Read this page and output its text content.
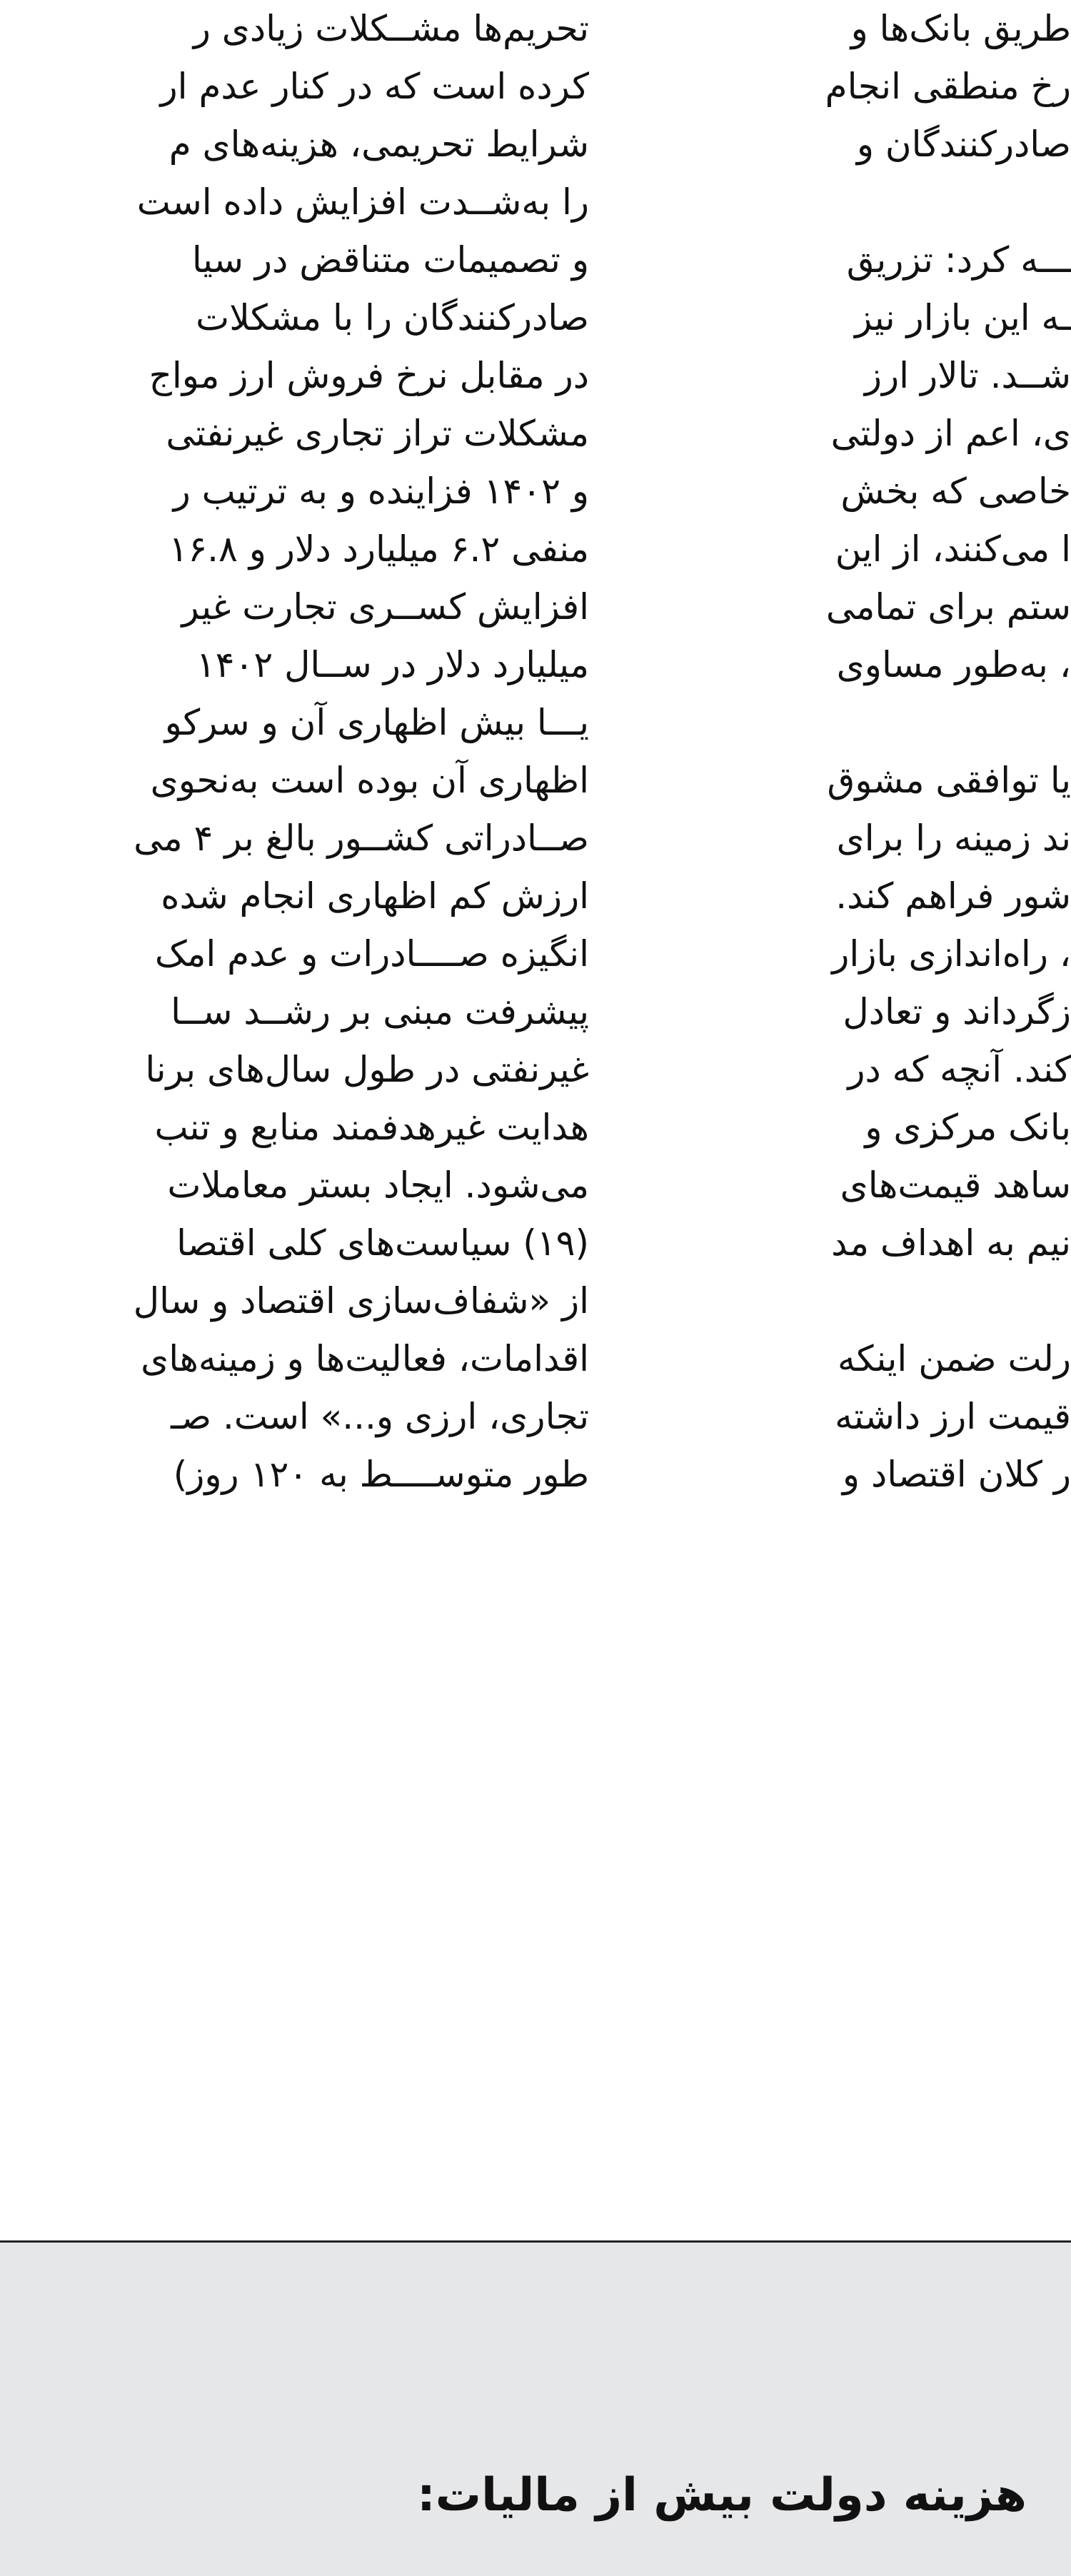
تحریم‌ها مشــکلات زیادی ر
کرده است که در کنار عدم ار
شرایط تحریمی، هزینه‌های م
را به‌شــدت افزایش داده است
و تصمیمات متناقض در سیا
صادرکنندگان را با مشکلات
در مقابل نرخ فروش ارز مواج
مشکلات تراز تجاری غیرنفتی
و ۱۴۰۲ فزاینده و به ترتیب ر
منفی ۶.۲ میلیارد دلار و ۱۶.۸
افزایش کســری تجارت غیر
میلیارد دلار در ســال ۱۴۰۲
یـــا بیش اظهاری آن و سرکو
اظهاری آن بوده است به‌نحوی
صــادراتی کشــور بالغ بر ۴ می
ارزش کم اظهاری انجام شده
انگیزه صــــادرات و عدم امک
پیشرفت مبنی بر رشــد ســا
غیرنفتی در طول سال‌های برنا
هدایت غیرهدفمند منابع و تنب
می‌شود. ایجاد بستر معاملات
(۱۹) سیاست‌های کلی اقتصا
از «شفاف‌سازی اقتصاد و سال
اقدامات، فعالیت‌ها و زمینه‌های
تجاری، ارزی و...» است. صـ
طور متوســــط به ۱۲۰ روز)
طریق بانک‌ها و
رخ منطقی انجام
صادرکنندگان و
ـــه کرد: تزریق
ـه این بازار نیز
شــد. تالار ارز
ی، اعم از دولتی
خاصی که بخش
ا می‌کنند، از این
ستم برای تمامی
، به‌طور مساوی
یا توافقی مشوق
ند زمینه را برای
شور فراهم کند.
، راه‌اندازی بازار
زگرداند و تعادل
کند. آنچه که در
بانک مرکزی و
ساهد قیمت‌های
نیم به اهداف مد
رلت ضمن اینکه
قیمت ارز داشته
ر کلان اقتصاد و
هزینه دولت بیش از مالیات:
